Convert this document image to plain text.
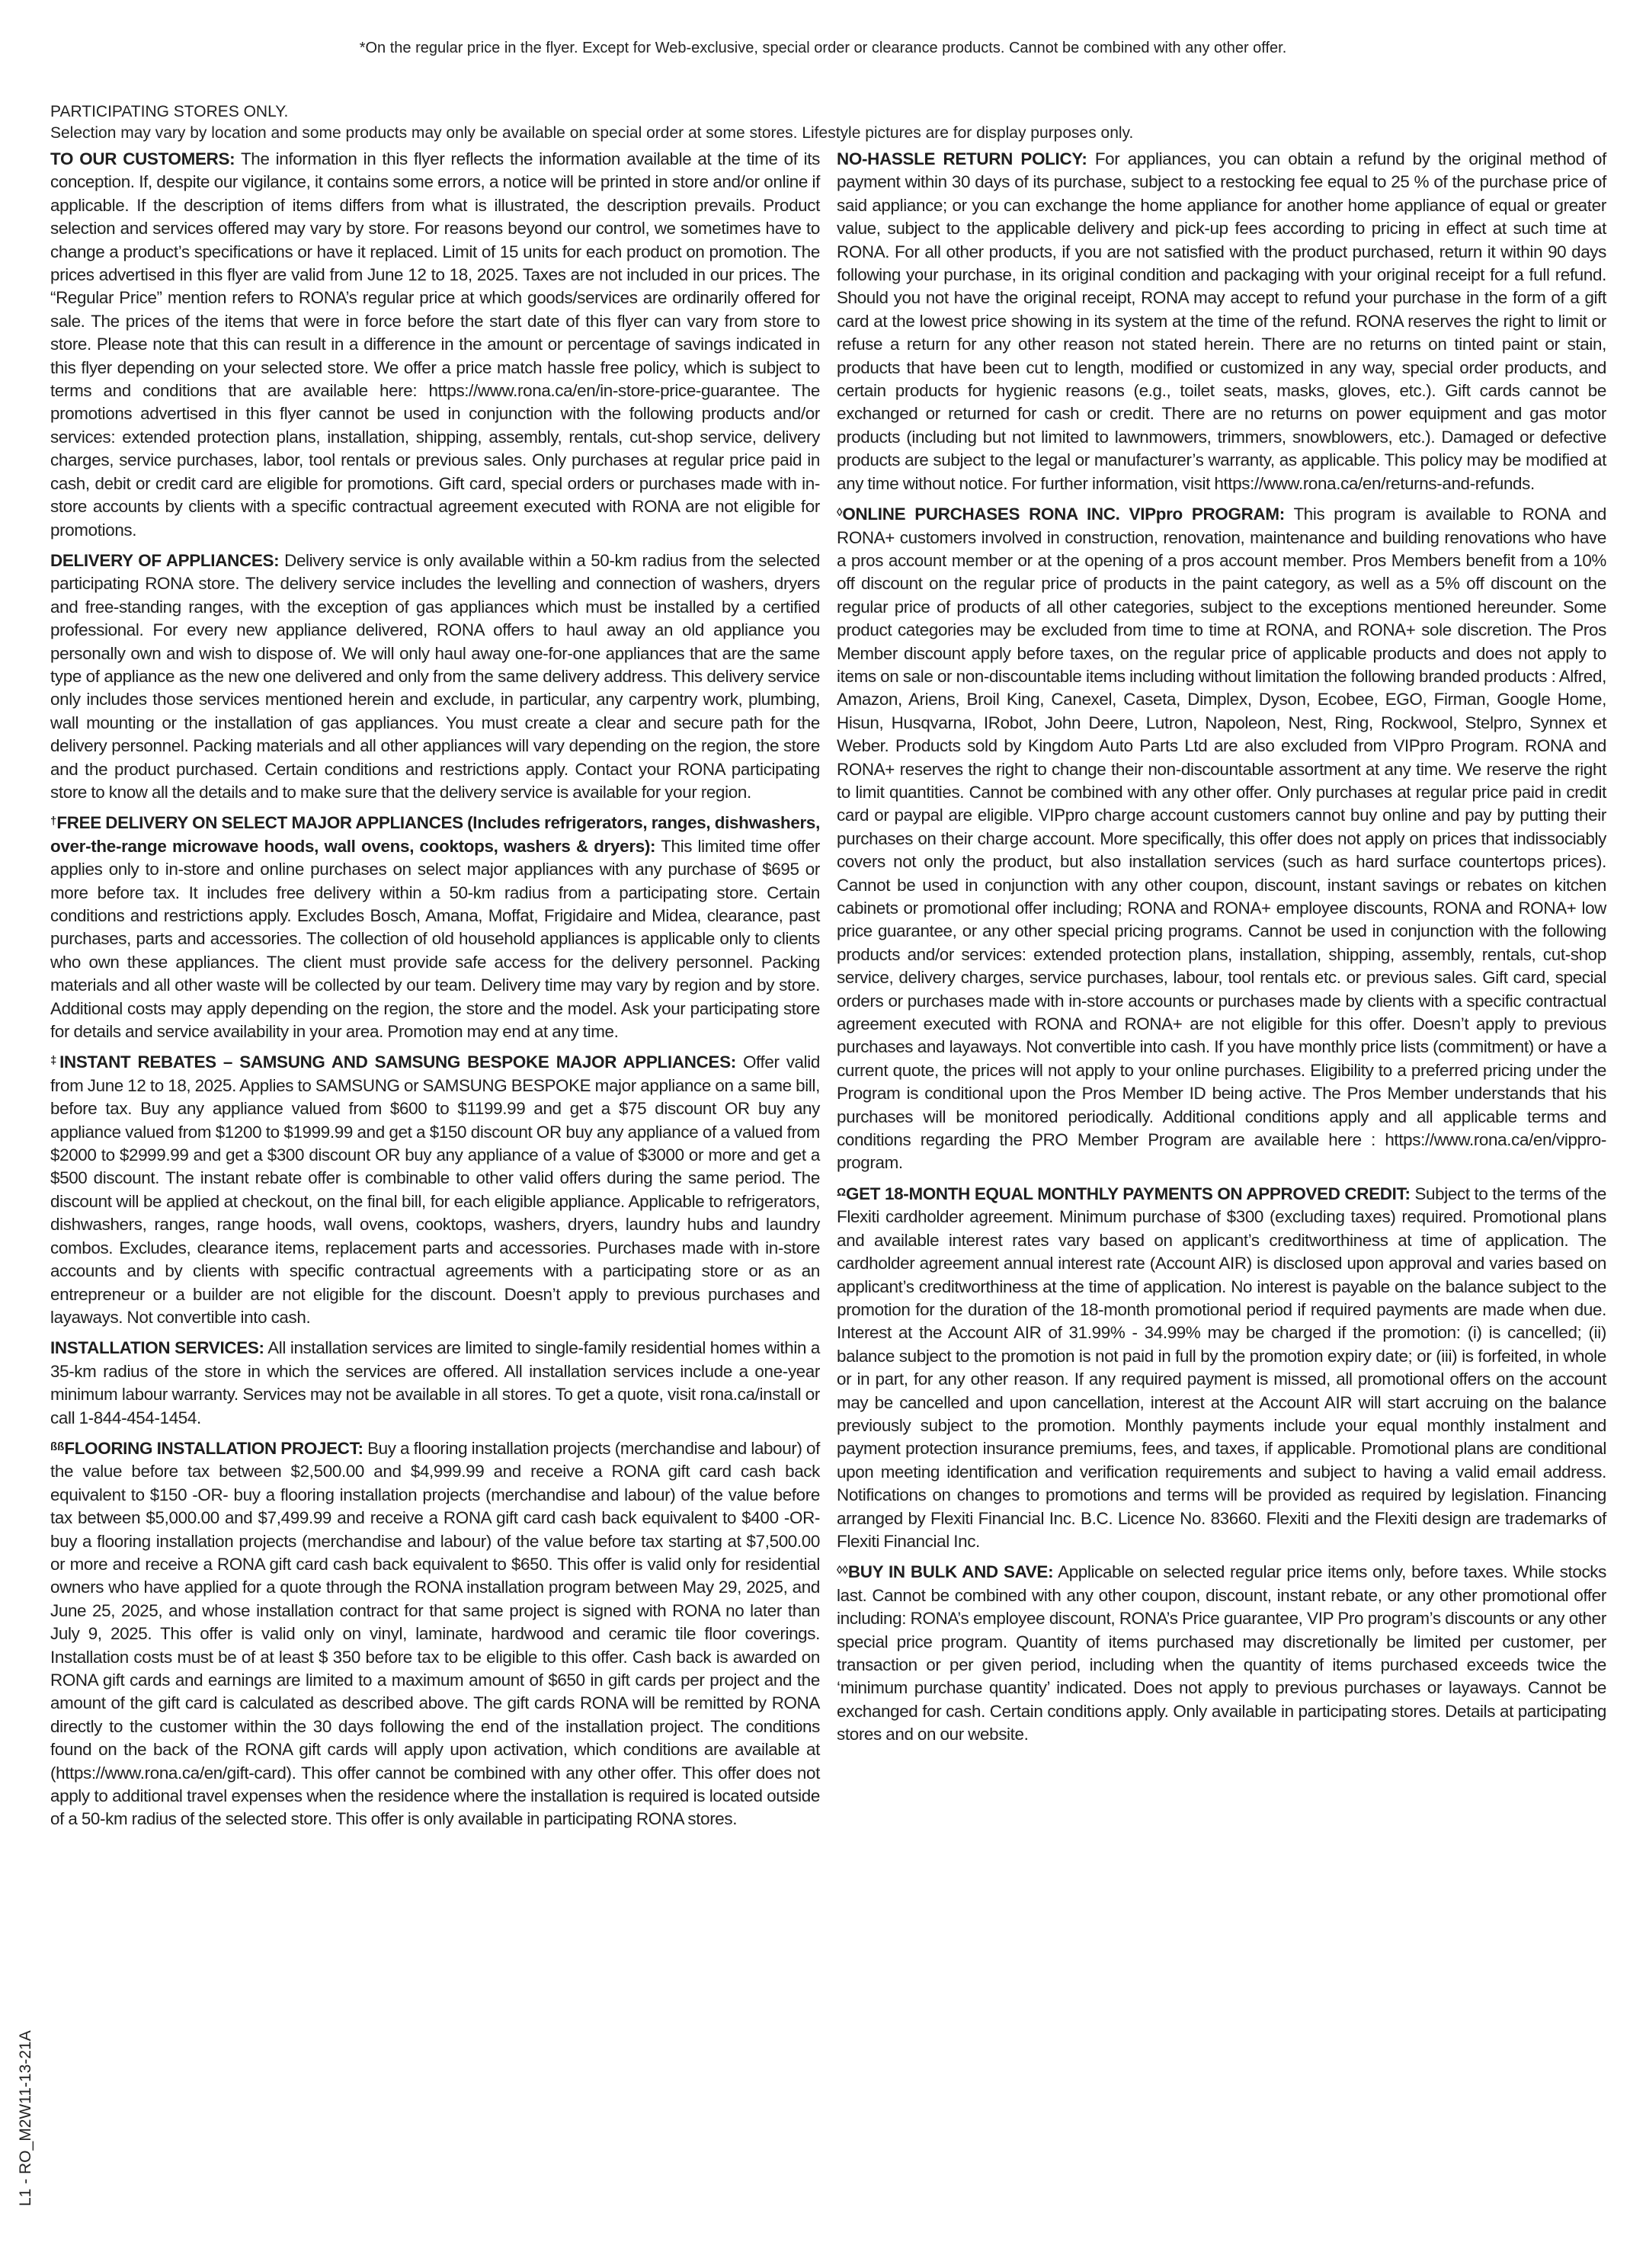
*On the regular price in the flyer. Except for Web-exclusive, special order or clearance products. Cannot be combined with any other offer.
PARTICIPATING STORES ONLY.
Selection may vary by location and some products may only be available on special order at some stores. Lifestyle pictures are for display purposes only.

TO OUR CUSTOMERS: The information in this flyer reflects the information available at the time of its conception. If, despite our vigilance, it contains some errors, a notice will be printed in store and/or online if applicable. If the description of items differs from what is illustrated, the description prevails. Product selection and services offered may vary by store. For reasons beyond our control, we sometimes have to change a product’s specifications or have it replaced. Limit of 15 units for each product on promotion. The prices advertised in this flyer are valid from June 12 to 18, 2025. Taxes are not included in our prices. The “Regular Price” mention refers to RONA’s regular price at which goods/services are ordinarily offered for sale. The prices of the items that were in force before the start date of this flyer can vary from store to store. Please note that this can result in a difference in the amount or percentage of savings indicated in this flyer depending on your selected store. We offer a price match hassle free policy, which is subject to terms and conditions that are available here: https://www.rona.ca/en/in-store-price-guarantee. The promotions advertised in this flyer cannot be used in conjunction with the following products and/or services: extended protection plans, installation, shipping, assembly, rentals, cut-shop service, delivery charges, service purchases, labor, tool rentals or previous sales. Only purchases at regular price paid in cash, debit or credit card are eligible for promotions. Gift card, special orders or purchases made with in-store accounts by clients with a specific contractual agreement executed with RONA are not eligible for promotions.

DELIVERY OF APPLIANCES: Delivery service is only available within a 50-km radius from the selected participating RONA store. The delivery service includes the levelling and connection of washers, dryers and free-standing ranges, with the exception of gas appliances which must be installed by a certified professional. For every new appliance delivered, RONA offers to haul away an old appliance you personally own and wish to dispose of. We will only haul away one-for-one appliances that are the same type of appliance as the new one delivered and only from the same delivery address. This delivery service only includes those services mentioned herein and exclude, in particular, any carpentry work, plumbing, wall mounting or the installation of gas appliances. You must create a clear and secure path for the delivery personnel. Packing materials and all other appliances will vary depending on the region, the store and the product purchased. Certain conditions and restrictions apply. Contact your RONA participating store to know all the details and to make sure that the delivery service is available for your region.

†FREE DELIVERY ON SELECT MAJOR APPLIANCES (Includes refrigerators, ranges, dishwashers, over-the-range microwave hoods, wall ovens, cooktops, washers & dryers): This limited time offer applies only to in-store and online purchases on select major appliances with any purchase of $695 or more before tax. It includes free delivery within a 50-km radius from a participating store. Certain conditions and restrictions apply. Excludes Bosch, Amana, Moffat, Frigidaire and Midea, clearance, past purchases, parts and accessories. The collection of old household appliances is applicable only to clients who own these appliances. The client must provide safe access for the delivery personnel. Packing materials and all other waste will be collected by our team. Delivery time may vary by region and by store. Additional costs may apply depending on the region, the store and the model. Ask your participating store for details and service availability in your area. Promotion may end at any time.

‡INSTANT REBATES – SAMSUNG AND SAMSUNG BESPOKE MAJOR APPLIANCES: Offer valid from June 12 to 18, 2025. Applies to SAMSUNG or SAMSUNG BESPOKE major appliance on a same bill, before tax. Buy any appliance valued from $600 to $1199.99 and get a $75 discount OR buy any appliance valued from $1200 to $1999.99 and get a $150 discount OR buy any appliance of a valued from $2000 to $2999.99 and get a $300 discount OR buy any appliance of a value of $3000 or more and get a $500 discount. The instant rebate offer is combinable to other valid offers during the same period. The discount will be applied at checkout, on the final bill, for each eligible appliance. Applicable to refrigerators, dishwashers, ranges, range hoods, wall ovens, cooktops, washers, dryers, laundry hubs and laundry combos. Excludes, clearance items, replacement parts and accessories. Purchases made with in-store accounts and by clients with specific contractual agreements with a participating store or as an entrepreneur or a builder are not eligible for the discount. Doesn’t apply to previous purchases and layaways. Not convertible into cash.

INSTALLATION SERVICES: All installation services are limited to single-family residential homes within a 35-km radius of the store in which the services are offered. All installation services include a one-year minimum labour warranty. Services may not be available in all stores. To get a quote, visit rona.ca/install or call 1-844-454-1454.

$^{ßß}$FLOORING INSTALLATION PROJECT: Buy a flooring installation projects (merchandise and labour) of the value before tax between $2,500.00 and $4,999.99 and receive a RONA gift card cash back equivalent to $150 -OR- buy a flooring installation projects (merchandise and labour) of the value before tax between $5,000.00 and $7,499.99 and receive a RONA gift card cash back equivalent to $400 -OR- buy a flooring installation projects (merchandise and labour) of the value before tax starting at $7,500.00 or more and receive a RONA gift card cash back equivalent to $650. This offer is valid only for residential owners who have applied for a quote through the RONA installation program between May 29, 2025, and June 25, 2025, and whose installation contract for that same project is signed with RONA no later than July 9, 2025. This offer is valid only on vinyl, laminate, hardwood and ceramic tile floor coverings. Installation costs must be of at least $ 350 before tax to be eligible to this offer. Cash back is awarded on RONA gift cards and earnings are limited to a maximum amount of $650 in gift cards per project and the amount of the gift card is calculated as described above. The gift cards RONA will be remitted by RONA directly to the customer within the 30 days following the end of the installation project. The conditions found on the back of the RONA gift cards will apply upon activation, which conditions are available at (https://www.rona.ca/en/gift-card). This offer cannot be combined with any other offer. This offer does not apply to additional travel expenses when the residence where the installation is required is located outside of a 50-km radius of the selected store. This offer is only available in participating RONA stores.

NO-HASSLE RETURN POLICY: For appliances, you can obtain a refund by the original method of payment within 30 days of its purchase, subject to a restocking fee equal to 25 % of the purchase price of said appliance; or you can exchange the home appliance for another home appliance of equal or greater value, subject to the applicable delivery and pick-up fees according to pricing in effect at such time at RONA. For all other products, if you are not satisfied with the product purchased, return it within 90 days following your purchase, in its original condition and packaging with your original receipt for a full refund. Should you not have the original receipt, RONA may accept to refund your purchase in the form of a gift card at the lowest price showing in its system at the time of the refund. RONA reserves the right to limit or refuse a return for any other reason not stated herein. There are no returns on tinted paint or stain, products that have been cut to length, modified or customized in any way, special order products, and certain products for hygienic reasons (e.g., toilet seats, masks, gloves, etc.). Gift cards cannot be exchanged or returned for cash or credit. There are no returns on power equipment and gas motor products (including but not limited to lawnmowers, trimmers, snowblowers, etc.). Damaged or defective products are subject to the legal or manufacturer’s warranty, as applicable. This policy may be modified at any time without notice. For further information, visit https://www.rona.ca/en/returns-and-refunds.

◊ONLINE PURCHASES RONA INC. VIPpro PROGRAM: This program is available to RONA and RONA+ customers involved in construction, renovation, maintenance and building renovations who have a pros account member or at the opening of a pros account member. Pros Members benefit from a 10% off discount on the regular price of products in the paint category, as well as a 5% off discount on the regular price of products of all other categories, subject to the exceptions mentioned hereunder. Some product categories may be excluded from time to time at RONA, and RONA+ sole discretion. The Pros Member discount apply before taxes, on the regular price of applicable products and does not apply to items on sale or non-discountable items including without limitation the following branded products : Alfred, Amazon, Ariens, Broil King, Canexel, Caseta, Dimplex, Dyson, Ecobee, EGO, Firman, Google Home, Hisun, Husqvarna, IRobot, John Deere, Lutron, Napoleon, Nest, Ring, Rockwool, Stelpro, Synnex et Weber. Products sold by Kingdom Auto Parts Ltd are also excluded from VIPpro Program. RONA and RONA+ reserves the right to change their non-discountable assortment at any time. We reserve the right to limit quantities. Cannot be combined with any other offer. Only purchases at regular price paid in credit card or paypal are eligible. VIPpro charge account customers cannot buy online and pay by putting their purchases on their charge account. More specifically, this offer does not apply on prices that indissociably covers not only the product, but also installation services (such as hard surface countertops prices). Cannot be used in conjunction with any other coupon, discount, instant savings or rebates on kitchen cabinets or promotional offer including; RONA and RONA+ employee discounts, RONA and RONA+ low price guarantee, or any other special pricing programs. Cannot be used in conjunction with the following products and/or services: extended protection plans, installation, shipping, assembly, rentals, cut-shop service, delivery charges, service purchases, labour, tool rentals etc. or previous sales. Gift card, special orders or purchases made with in-store accounts or purchases made by clients with a specific contractual agreement executed with RONA and RONA+ are not eligible for this offer. Doesn’t apply to previous purchases and layaways. Not convertible into cash. If you have monthly price lists (commitment) or have a current quote, the prices will not apply to your online purchases. Eligibility to a preferred pricing under the Program is conditional upon the Pros Member ID being active. The Pros Member understands that his purchases will be monitored periodically. Additional conditions apply and all applicable terms and conditions regarding the PRO Member Program are available here : https://www.rona.ca/en/vippro-program.

$^\Omega$GET 18-MONTH EQUAL MONTHLY PAYMENTS ON APPROVED CREDIT: Subject to the terms of the Flexiti cardholder agreement. Minimum purchase of $300 (excluding taxes) required. Promotional plans and available interest rates vary based on applicant’s creditworthiness at time of application. The cardholder agreement annual interest rate (Account AIR) is disclosed upon approval and varies based on applicant’s creditworthiness at the time of application. No interest is payable on the balance subject to the promotion for the duration of the 18-month promotional period if required payments are made when due. Interest at the Account AIR of 31.99% - 34.99% may be charged if the promotion: (i) is cancelled; (ii) balance subject to the promotion is not paid in full by the promotion expiry date; or (iii) is forfeited, in whole or in part, for any other reason. If any required payment is missed, all promotional offers on the account may be cancelled and upon cancellation, interest at the Account AIR will start accruing on the balance previously subject to the promotion. Monthly payments include your equal monthly instalment and payment protection insurance premiums, fees, and taxes, if applicable. Promotional plans are conditional upon meeting identification and verification requirements and subject to having a valid email address. Notifications on changes to promotions and terms will be provided as required by legislation. Financing arranged by Flexiti Financial Inc. B.C. Licence No. 83660. Flexiti and the Flexiti design are trademarks of Flexiti Financial Inc.

◊◊BUY IN BULK AND SAVE: Applicable on selected regular price items only, before taxes. While stocks last. Cannot be combined with any other coupon, discount, instant rebate, or any other promotional offer including: RONA’s employee discount, RONA’s Price guarantee, VIP Pro program’s discounts or any other special price program. Quantity of items purchased may discretionally be limited per customer, per transaction or per given period, including when the quantity of items purchased exceeds twice the ‘minimum purchase quantity’ indicated. Does not apply to previous purchases or layaways. Cannot be exchanged for cash. Certain conditions apply. Only available in participating stores. Details at participating stores and on our website.

L1 - RO_M2W11-13-21A
